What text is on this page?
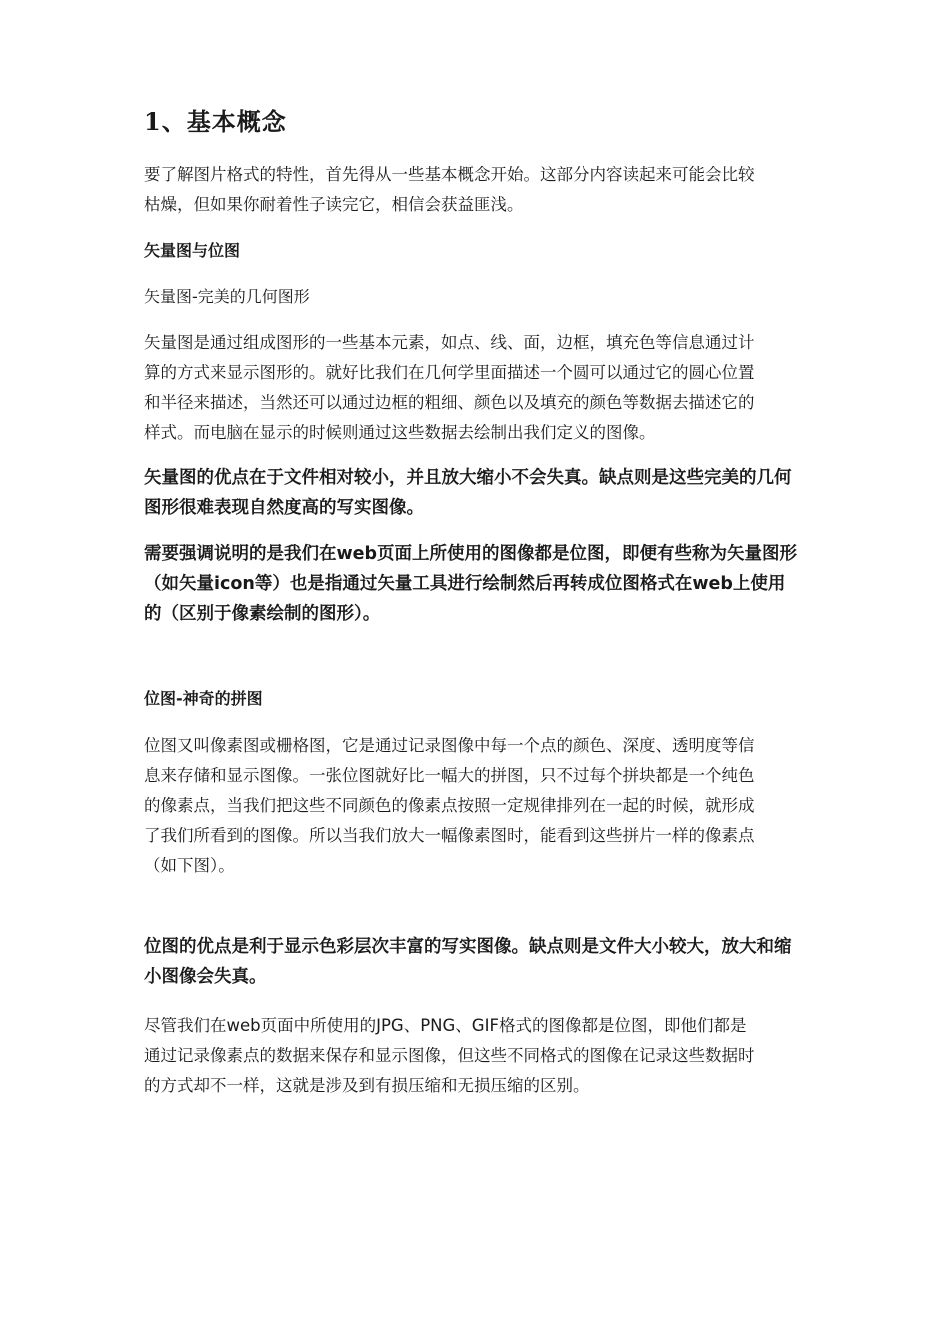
1、基本概念

要了解图片格式的特性，首先得从一些基本概念开始。这部分内容读起来可能会比较
枯燥，但如果你耐着性子读完它，相信会获益匪浅。

矢量图与位图

矢量图-完美的几何图形

矢量图是通过组成图形的一些基本元素，如点、线、面，边框，填充色等信息通过计
算的方式来显示图形的。就好比我们在几何学里面描述一个圆可以通过它的圆心位置
和半径来描述，当然还可以通过边框的粗细、颜色以及填充的颜色等数据去描述它的
样式。而电脑在显示的时候则通过这些数据去绘制出我们定义的图像。

矢量图的优点在于文件相对较小，并且放大缩小不会失真。缺点则是这些完美的几何
图形很难表现自然度高的写实图像。

需要强调说明的是我们在web页面上所使用的图像都是位图，即便有些称为矢量图形
（如矢量icon等）也是指通过矢量工具进行绘制然后再转成位图格式在web上使用
的（区别于像素绘制的图形）。

位图-神奇的拼图

位图又叫像素图或栅格图，它是通过记录图像中每一个点的颜色、深度、透明度等信
息来存储和显示图像。一张位图就好比一幅大的拼图，只不过每个拼块都是一个纯色
的像素点，当我们把这些不同颜色的像素点按照一定规律排列在一起的时候，就形成
了我们所看到的图像。所以当我们放大一幅像素图时，能看到这些拼片一样的像素点
（如下图）。

位图的优点是利于显示色彩层次丰富的写实图像。缺点则是文件大小较大，放大和缩
小图像会失真。

尽管我们在web页面中所使用的JPG、PNG、GIF格式的图像都是位图，即他们都是
通过记录像素点的数据来保存和显示图像，但这些不同格式的图像在记录这些数据时
的方式却不一样，这就是涉及到有损压缩和无损压缩的区别。
